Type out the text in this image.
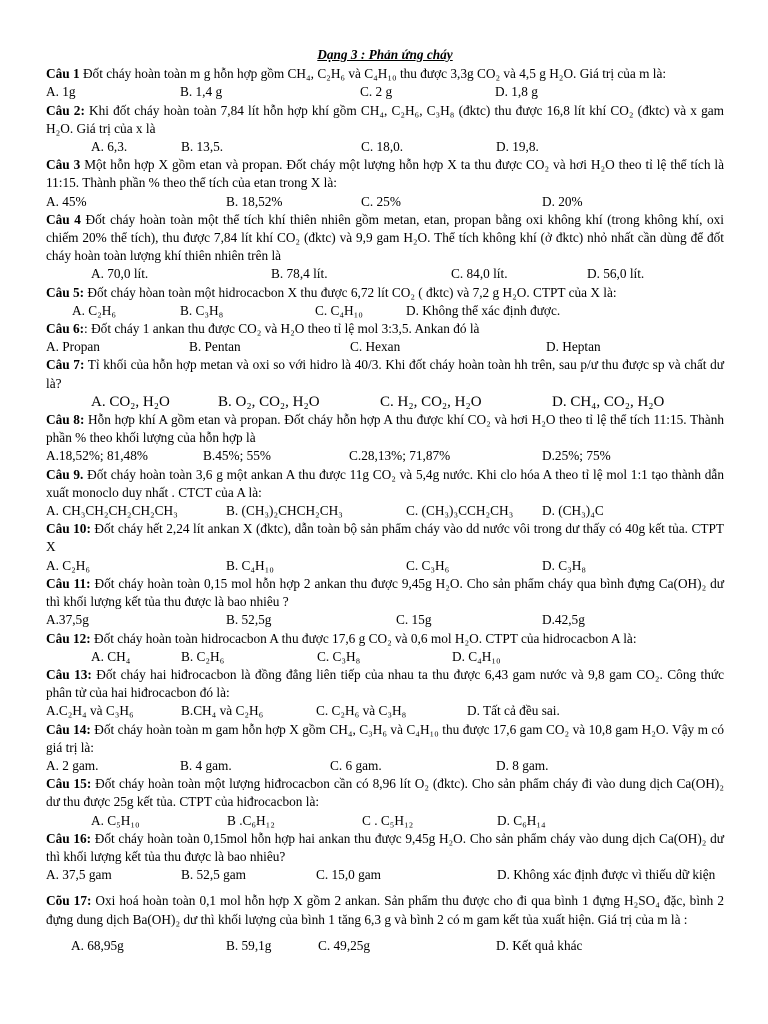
Dạng 3 : Phản ứng cháy
Câu 1 Đốt cháy hoàn toàn m g hỗn hợp gồm CH₄, C₂H₆ và C₄H₁₀ thu được 3,3g CO₂ và 4,5 g H₂O. Giá trị của m là:
A. 1g	B. 1,4 g	C. 2 g	D. 1,8 g
Câu 2: Khi đốt cháy hoàn toàn 7,84 lít hỗn hợp khí gồm CH₄, C₂H₆, C₃H₈ (đktc) thu được 16,8 lít khí CO₂ (đktc) và x gam H₂O. Giá trị của x là
A. 6,3.	B. 13,5.	C. 18,0.	D. 19,8.
Câu 3 Một hỗn hợp X gồm etan và propan. Đốt cháy một lượng hỗn hợp X ta thu được CO₂ và hơi H₂O theo tỉ lệ thể tích là 11:15. Thành phần % theo thể tích của etan trong X là:
A. 45%	B. 18,52%	C. 25%	D. 20%
Câu 4 Đốt cháy hoàn toàn một thể tích khí thiên nhiên gồm metan, etan, propan bằng oxi không khí (trong không khí, oxi chiếm 20% thể tích), thu được 7,84 lít khí CO₂ (đktc) và 9,9 gam H₂O. Thể tích không khí (ở đktc) nhỏ nhất cần dùng để đốt cháy hoàn toàn lượng khí thiên nhiên trên là
A. 70,0 lít.	B. 78,4 lít.	C. 84,0 lít.	D. 56,0 lít.
Câu 5: Đốt cháy hòan toàn một hidrocacbon X thu được 6,72 lít CO₂ ( đktc) và 7,2 g H₂O. CTPT của X là:
A. C₂H₆	B. C₃H₈	C. C₄H₁₀	D. Không thể xác định được.
Câu 6:: Đốt cháy 1 ankan thu được CO₂ và H₂O theo tỉ lệ mol 3:3,5. Ankan đó là
A. Propan	B. Pentan	C. Hexan	D. Heptan
Câu 7: Tỉ khối của hỗn hợp metan và oxi so với hidro là 40/3. Khi đốt cháy hoàn toàn hh trên, sau p/ư thu được sp và chất dư là?
A. CO₂, H₂O	B. O₂, CO₂, H₂O	C. H₂, CO₂, H₂O	D. CH₄, CO₂, H₂O
Câu 8: Hỗn hợp khí A gồm etan và propan. Đốt cháy hỗn hợp A thu được khí CO₂ và hơi H₂O theo tỉ lệ thể tích 11:15. Thành phần % theo khối lượng của hỗn hợp là
A.18,52%; 81,48%	B.45%; 55%	C.28,13%; 71,87%	D.25%; 75%
Câu 9. Đốt cháy hoàn toàn 3,6 g một ankan A thu được 11g CO₂ và 5,4g nước. Khi clo hóa A theo tỉ lệ mol 1:1 tạo thành dẫn xuất monoclo duy nhất . CTCT của A là:
A. CH₃CH₂CH₂CH₂CH₃	B. (CH₃)₂CHCH₂CH₃	C. (CH₃)₃CCH₂CH₃	D. (CH₃)₄C
Câu 10: Đốt cháy hết 2,24 lít ankan X (đktc), dẫn toàn bộ sản phẩm cháy vào dd nước vôi trong dư thấy có 40g kết tủa. CTPT X
A. C₂H₆	B. C₄H₁₀	C. C₃H₆	D. C₃H₈
Câu 11: Đốt cháy hoàn toàn 0,15 mol hỗn hợp 2 ankan thu được 9,45g H₂O. Cho sản phẩm cháy qua bình đựng Ca(OH)₂ dư thì khối lượng kết tủa thu được là bao nhiêu ?
A.37,5g	B. 52,5g	C. 15g	D.42,5g
Câu 12: Đốt cháy hoàn toàn hidrocacbon A thu được 17,6 g CO₂ và 0,6 mol H₂O. CTPT của hidrocacbon A là:
A. CH₄	B. C₂H₆	C. C₃H₈	D. C₄H₁₀
Câu 13: Đốt cháy hai hiđrocacbon là đồng đẳng liên tiếp của nhau ta thu được 6,43 gam nước và 9,8 gam CO₂. Công thức phân tử của hai hiđrocacbon đó là:
A.C₂H₄ và C₃H₆	B.CH₄ và C₂H₆	C. C₂H₆ và C₃H₈	D. Tất cả đều sai.
Câu 14: Đốt cháy hoàn toàn m gam hỗn hợp X gồm CH₄, C₃H₆ và C₄H₁₀ thu được 17,6 gam CO₂ và 10,8 gam H₂O. Vậy m có giá trị là:
A. 2 gam.	B. 4 gam.	C. 6 gam.	D. 8 gam.
Câu 15: Đốt cháy hoàn toàn một lượng hiđrocacbon cần có 8,96 lít O₂ (đktc). Cho sản phẩm cháy đi vào dung dịch Ca(OH)₂ dư thu được 25g kết tủa. CTPT của hiđrocacbon là:
A. C₅H₁₀	B .C₆H₁₂	C . C₅H₁₂	D. C₆H₁₄
Câu 16: Đốt cháy hoàn toàn 0,15mol hỗn hợp hai ankan thu được 9,45g H₂O. Cho sản phẩm cháy vào dung dịch Ca(OH)₂ dư thì khối lượng kết tủa thu được là bao nhiêu?
A. 37,5 gam	B. 52,5 gam	C. 15,0 gam	D. Không xác định được vì thiếu dữ kiện
Cõu 17: Oxi hoá hoàn toàn 0,1 mol hỗn hợp X gồm 2 ankan. Sản phẩm thu được cho đi qua bình 1 đựng H₂SO₄ đặc, bình 2 đựng dung dịch Ba(OH)₂ dư thì khối lượng của bình 1 tăng 6,3 g và bình 2 có m gam kết tủa xuất hiện. Giá trị của m là :
A. 68,95g	B. 59,1g	C. 49,25g	D. Kết quả khác
